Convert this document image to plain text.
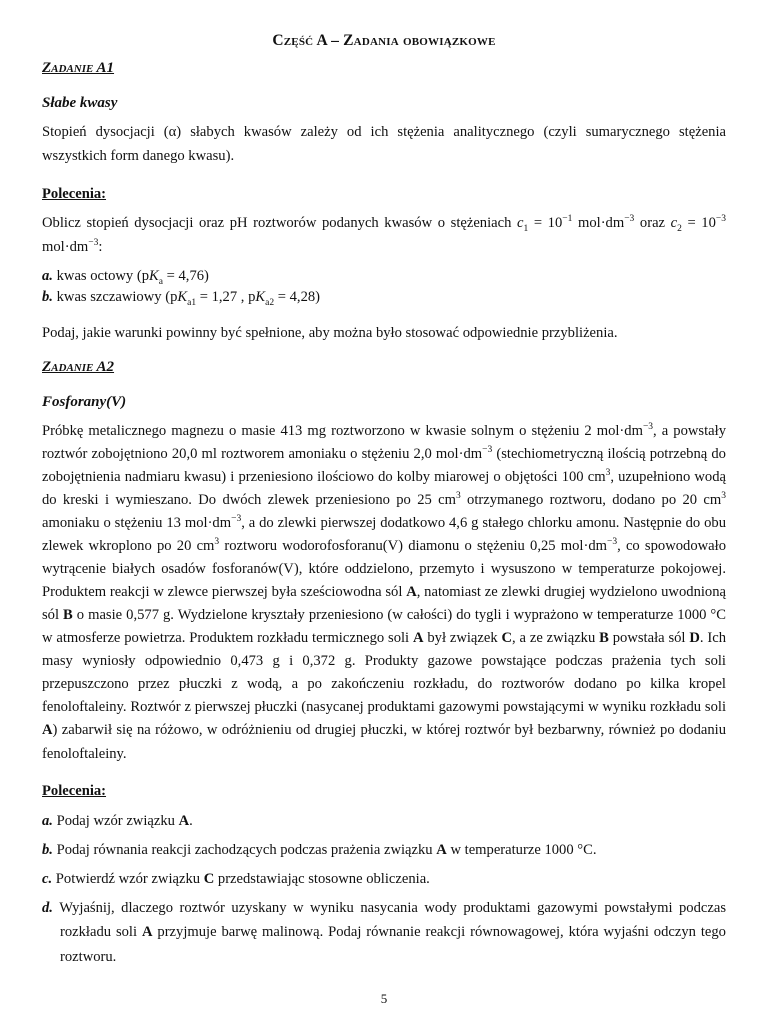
Część A – Zadania obowiązkowe
Zadanie A1
Słabe kwasy

Stopień dysocjacji (α) słabych kwasów zależy od ich stężenia analitycznego (czyli sumarycznego stężenia wszystkich form danego kwasu).

Polecenia:

Oblicz stopień dysocjacji oraz pH roztworów podanych kwasów o stężeniach $c_1 = 10^{-1}$ $mol\cdot dm^{-3}$ oraz $c_2 = 10^{-3}$ $mol\cdot dm^{-3}$:

a. kwas octowy $(pK_a = 4,76)$
b. kwas szczawiowy ($pK_{a1} = 1,27$ , $pK_{a2} = 4,28$)

Podaj, jakie warunki powinny być spełnione, aby można było stosować odpowiednie przybliżenia.

Zadanie A2
Fosforany(V)

Próbkę metalicznego magnezu o masie 413 mg roztworzono w kwasie solnym o stężeniu 2 $mol\cdot dm^{-3}$, a powstały roztwór zobojętniono 20,0 ml roztworem amoniaku o stężeniu 2,0 $mol\cdot dm^{-3}$ (stechiometryczną ilością potrzebną do zobojętnienia nadmiaru kwasu) i przeniesiono ilościowo do kolby miarowej o objętości 100 $cm^3$, uzupełniono wodą do kreski i wymieszano. Do dwóch zlewek przeniesiono po 25 $cm^3$ otrzymanego roztworu, dodano po 20 $cm^3$ amoniaku o stężeniu 13 $mol\cdot dm^{-3}$, a do zlewki pierwszej dodatkowo 4,6 g stałego chlorku amonu. Następnie do obu zlewek wkroplono po 20 $cm^3$ roztworu wodorofosforanu(V) diamonu o stężeniu 0,25 $mol\cdot dm^{-3}$, co spowodowało wytrącenie białych osadów fosforanów(V), które oddzielono, przemyto i wysuszono w temperaturze pokojowej. Produktem reakcji w zlewce pierwszej była sześciowodna sól A, natomiast ze zlewki drugiej wydzielono uwodnioną sól B o masie 0,577 g. Wydzielone kryształy przeniesiono (w całości) do tygli i wyprażono w temperaturze 1000 °C w atmosferze powietrza. Produktem rozkładu termicznego soli A był związek C, a ze związku B powstała sól D. Ich masy wyniosły odpowiednio 0,473 g i 0,372 g. Produkty gazowe powstające podczas prażenia tych soli przepuszczono przez płuczki z wodą, a po zakończeniu rozkładu, do roztworów dodano po kilka kropel fenoloftaleiny. Roztwór z pierwszej płuczki (nasycanej produktami gazowymi powstającymi w wyniku rozkładu soli A) zabarwił się na różowo, w odróżnieniu od drugiej płuczki, w której roztwór był bezbarwny, również po dodaniu fenoloftaleiny.

Polecenia:
a. Podaj wzór związku A.
b. Podaj równania reakcji zachodzących podczas prażenia związku A w temperaturze 1000 °C.
c. Potwierdź wzór związku C przedstawiając stosowne obliczenia.
d. Wyjaśnij, dlaczego roztwór uzyskany w wyniku nasycania wody produktami gazowymi powstałymi podczas rozkładu soli A przyjmuje barwę malinową. Podaj równanie reakcji równowagowej, która wyjaśni odczyn tego roztworu.
5
